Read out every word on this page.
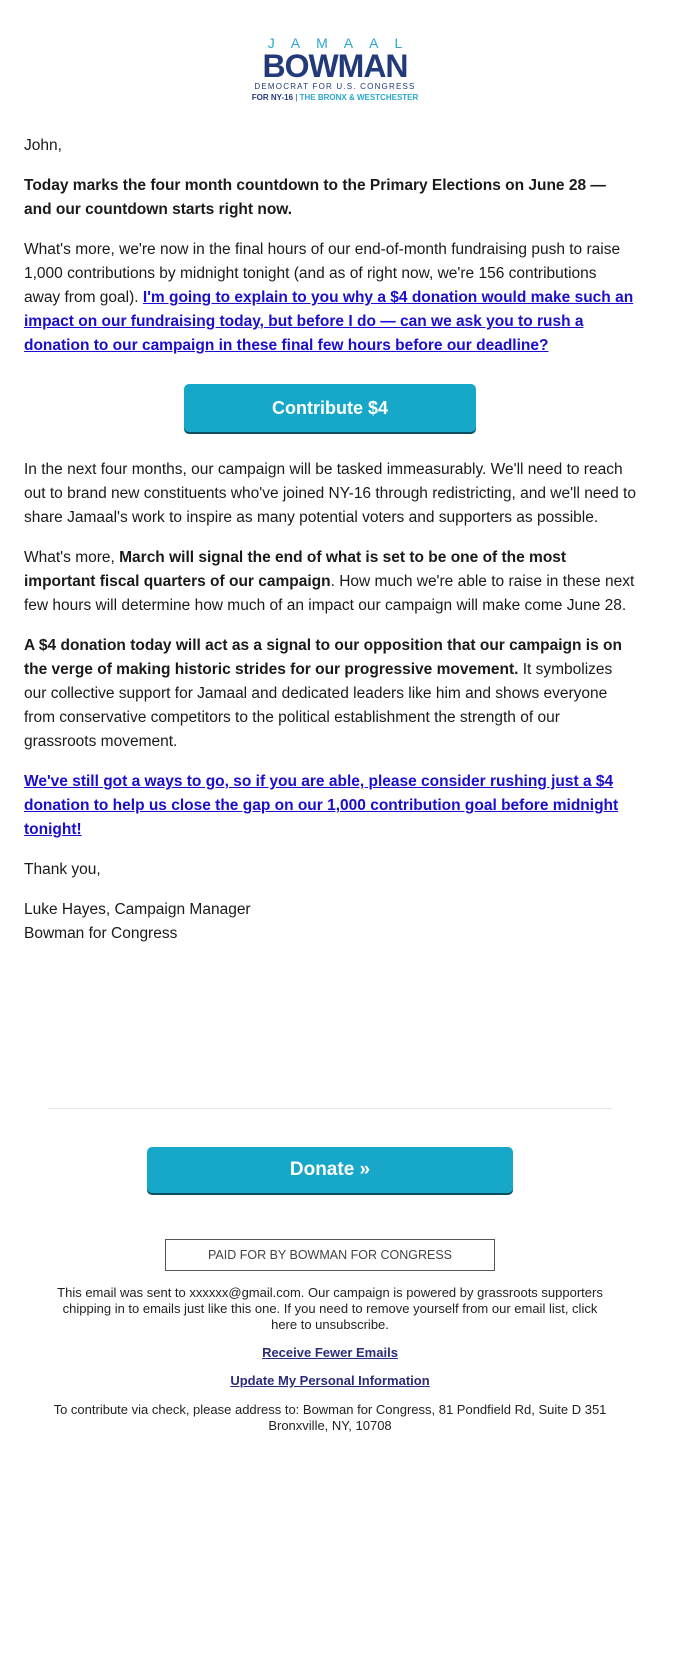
JAMAAL
BOWMAN
DEMOCRAT FOR U.S. CONGRESS
FOR NY-16 | THE BRONX & WESTCHESTER

John,

Today marks the four month countdown to the Primary Elections on June 28 — and our countdown starts right now.

What's more, we're now in the final hours of our end-of-month fundraising push to raise 1,000 contributions by midnight tonight (and as of right now, we're 156 contributions away from goal). I'm going to explain to you why a $4 donation would make such an impact on our fundraising today, but before I do — can we ask you to rush a donation to our campaign in these final few hours before our deadline?

Contribute $4

In the next four months, our campaign will be tasked immeasurably. We'll need to reach out to brand new constituents who've joined NY-16 through redistricting, and we'll need to share Jamaal's work to inspire as many potential voters and supporters as possible.

What's more, March will signal the end of what is set to be one of the most important fiscal quarters of our campaign. How much we're able to raise in these next few hours will determine how much of an impact our campaign will make come June 28.

A $4 donation today will act as a signal to our opposition that our campaign is on the verge of making historic strides for our progressive movement. It symbolizes our collective support for Jamaal and dedicated leaders like him and shows everyone from conservative competitors to the political establishment the strength of our grassroots movement.

We've still got a ways to go, so if you are able, please consider rushing just a $4 donation to help us close the gap on our 1,000 contribution goal before midnight tonight!

Thank you,

Luke Hayes, Campaign Manager

Bowman for Congress

Donate »
PAID FOR BY BOWMAN FOR CONGRESS
This email was sent to xxxxxx@gmail.com. Our campaign is powered by grassroots supporters chipping in to emails just like this one. If you need to remove yourself from our email list, click here to unsubscribe.
Receive Fewer Emails
Update My Personal Information
To contribute via check, please address to: Bowman for Congress, 81 Pondfield Rd, Suite D 351
Bronxville, NY, 10708
